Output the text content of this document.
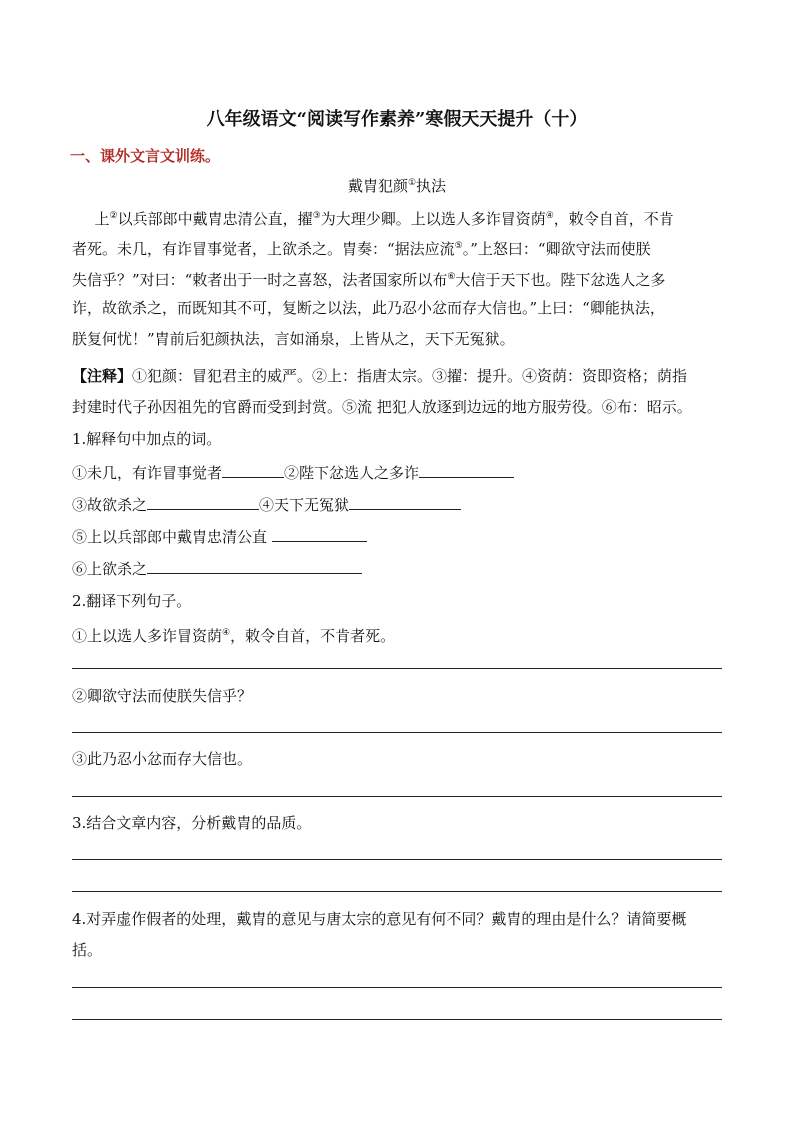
八年级语文“阅读写作素养”寒假天天提升（十）
一、课外文言文训练。
戴胄犯颜①执法
  上②以兵部郎中戴胄忠清公直，擢③为大理少卿。上以选人多诈冒资荫④，敕令自首，不肯
者死。未几，有诈冒事觉者，上欲杀之。胄奏：“据法应流⑤。”上怒曰：“卿欲守法而使朕
失信乎？”对曰：“敕者出于一时之喜怒，法者国家所以布⑥大信于天下也。陛下忿选人之多
诈，故欲杀之，而既知其不可，复断之以法，此乃忍小忿而存大信也。”上曰：“卿能执法，
朕复何忧！”胄前后犯颜执法，言如涌泉，上皆从之，天下无冤狱。
【注释】①犯颜：冒犯君主的威严。②上：指唐太宗。③擢：提升。④资荫：资即资格；荫指
封建时代子孙因祖先的官爵而受到封赏。⑤流 把犯人放逐到边远的地方服劳役。⑥布：昭示。
1.解释句中加点的词。
①未几，有诈冒事觉者	②陛下忿选人之多诈
③故欲杀之	④天下无冤狱
⑤上以兵部郎中戴胄忠清公直
⑥上欲杀之
2.翻译下列句子。
①上以选人多诈冒资荫④，敕令自首，不肯者死。
②卿欲守法而使朕失信乎？
③此乃忍小忿而存大信也。
3.结合文章内容，分析戴胄的品质。
4.对弄虚作假者的处理，戴胄的意见与唐太宗的意见有何不同？戴胄的理由是什么？请简要概
括。
